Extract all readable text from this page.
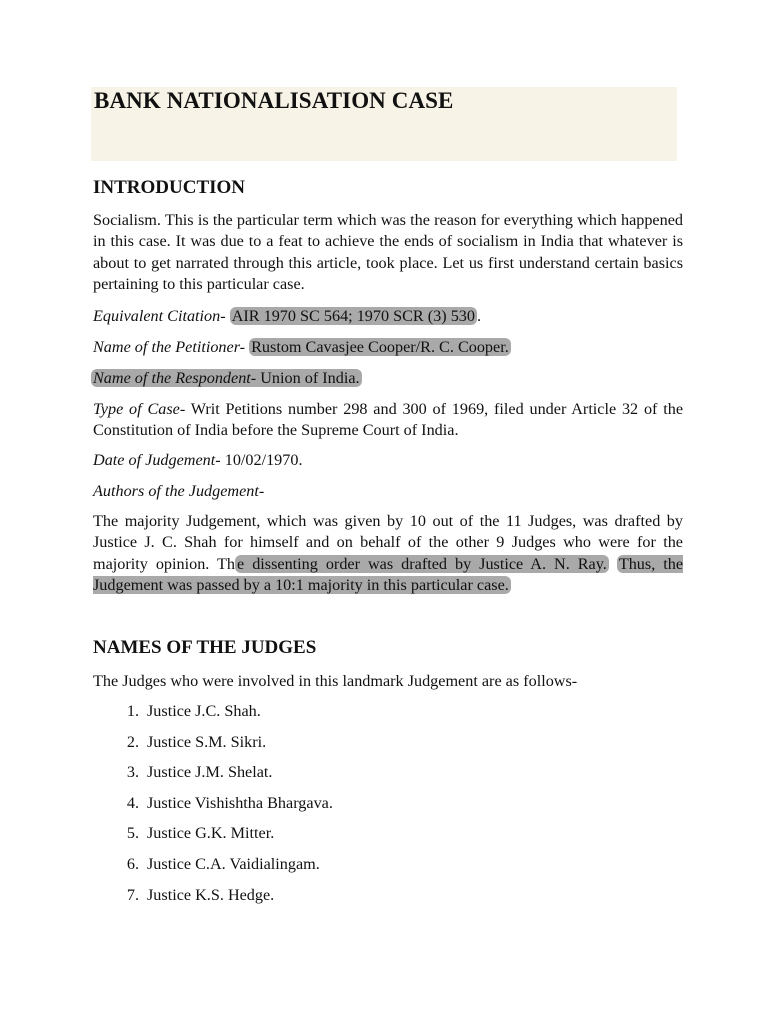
BANK NATIONALISATION CASE
INTRODUCTION

Socialism. This is the particular term which was the reason for everything which happened in this case. It was due to a feat to achieve the ends of socialism in India that whatever is about to get narrated through this article, took place. Let us first understand certain basics pertaining to this particular case.

Equivalent Citation- AIR 1970 SC 564; 1970 SCR (3) 530 .

Name of the Petitioner- Rustom Cavasjee Cooper/R. C. Cooper.

Name of the Respondent- Union of India.

Type of Case- Writ Petitions number 298 and 300 of 1969, filed under Article 32 of the Constitution of India before the Supreme Court of India.

Date of Judgement- 10/02/1970.

Authors of the Judgement-

The majority Judgement, which was given by 10 out of the 11 Judges, was drafted by Justice J. C. Shah for himself and on behalf of the other 9 Judges who were for the majority opinion. Th e dissenting order was drafted by Justice A. N. Ray. Thus, the Judgement was passed by a 10:1 majority in this particular case.

NAMES OF THE JUDGES

The Judges who were involved in this landmark Judgement are as follows-

1. Justice J.C. Shah.
2. Justice S.M. Sikri.
3. Justice J.M. Shelat.
4. Justice Vishishtha Bhargava.
5. Justice G.K. Mitter.
6. Justice C.A. Vaidialingam.
7. Justice K.S. Hedge.
